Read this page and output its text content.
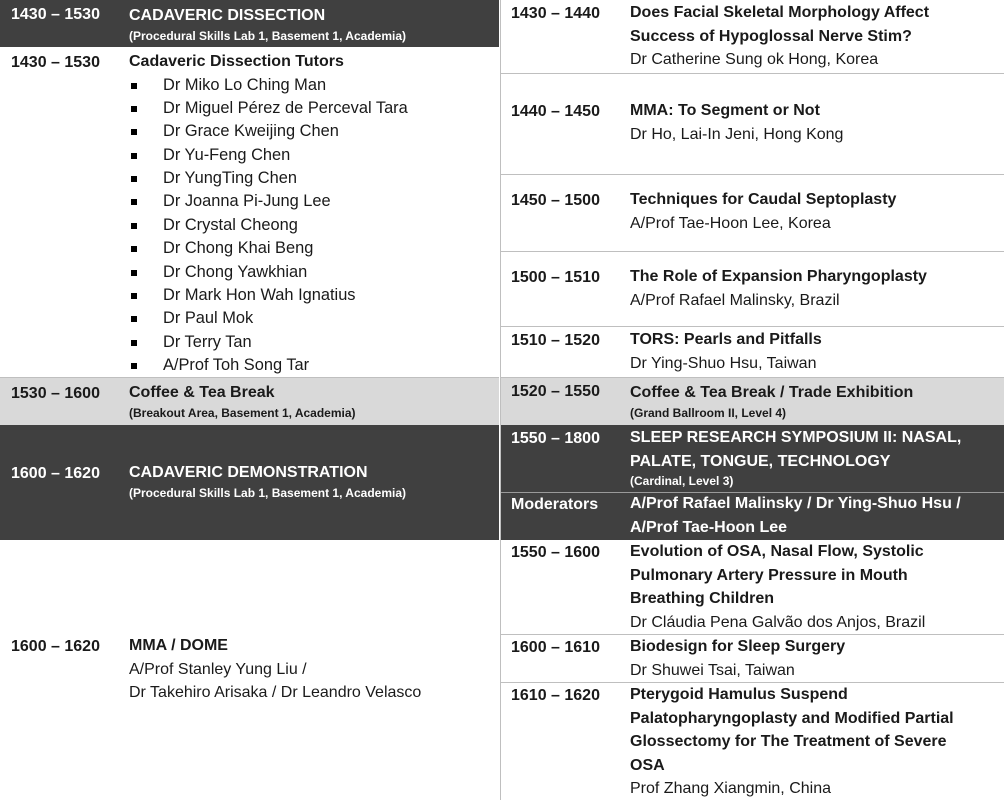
1430 – 1530 CADAVERIC DISSECTION
(Procedural Skills Lab 1, Basement 1, Academia)
1430 – 1530 Cadaveric Dissection Tutors
Dr Miko Lo Ching Man
Dr Miguel Pérez de Perceval Tara
Dr Grace Kweijing Chen
Dr Yu-Feng Chen
Dr YungTing Chen
Dr Joanna Pi-Jung Lee
Dr Crystal Cheong
Dr Chong Khai Beng
Dr Chong Yawkhian
Dr Mark Hon Wah Ignatius
Dr Paul Mok
Dr Terry Tan
A/Prof Toh Song Tar
1530 – 1600 Coffee & Tea Break
(Breakout Area, Basement 1, Academia)
1600 – 1620 CADAVERIC DEMONSTRATION
(Procedural Skills Lab 1, Basement 1, Academia)
1600 – 1620 MMA / DOME
A/Prof Stanley Yung Liu /
Dr Takehiro Arisaka / Dr Leandro Velasco
1430 – 1440 Does Facial Skeletal Morphology Affect
Success of Hypoglossal Nerve Stim?
Dr Catherine Sung ok Hong, Korea
1440 – 1450 MMA: To Segment or Not
Dr Ho, Lai-In Jeni, Hong Kong
1450 – 1500 Techniques for Caudal Septoplasty
A/Prof Tae-Hoon Lee, Korea
1500 – 1510 The Role of Expansion Pharyngoplasty
A/Prof Rafael Malinsky, Brazil
1510 – 1520 TORS: Pearls and Pitfalls
Dr Ying-Shuo Hsu, Taiwan
1520 – 1550 Coffee & Tea Break / Trade Exhibition
(Grand Ballroom II, Level 4)
1550 – 1800 SLEEP RESEARCH SYMPOSIUM II: NASAL,
PALATE, TONGUE, TECHNOLOGY
(Cardinal, Level 3)
Moderators A/Prof Rafael Malinsky / Dr Ying-Shuo Hsu /
A/Prof Tae-Hoon Lee
1550 – 1600 Evolution of OSA, Nasal Flow, Systolic
Pulmonary Artery Pressure in Mouth
Breathing Children
Dr Cláudia Pena Galvão dos Anjos, Brazil
1600 – 1610 Biodesign for Sleep Surgery
Dr Shuwei Tsai, Taiwan
1610 – 1620 Pterygoid Hamulus Suspend
Palatopharyngoplasty and Modified Partial
Glossectomy for The Treatment of Severe
OSA
Prof Zhang Xiangmin, China
